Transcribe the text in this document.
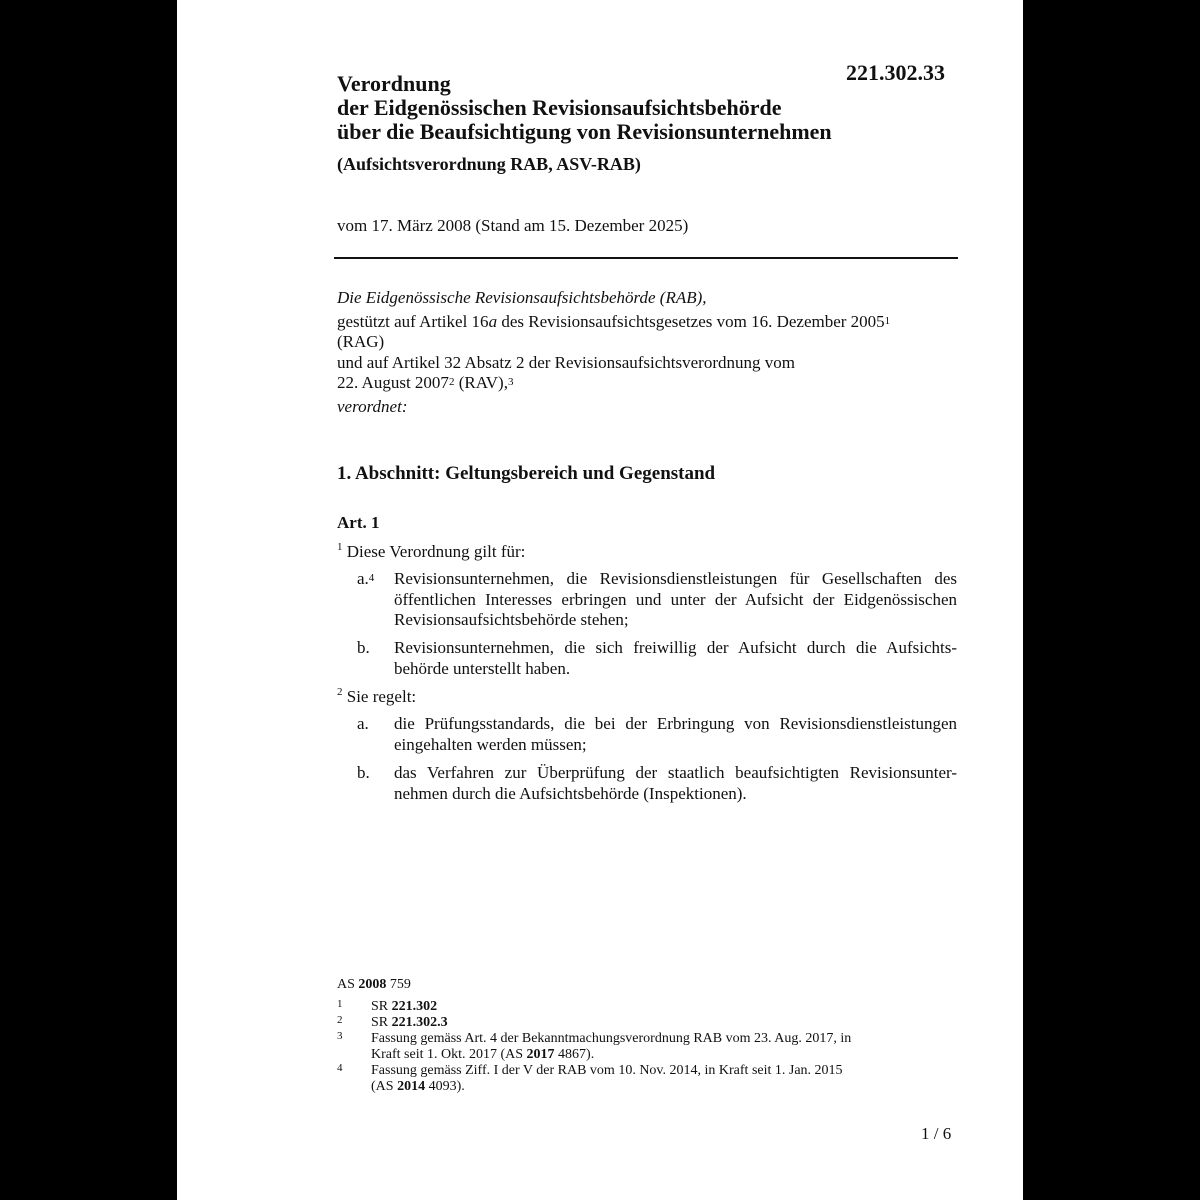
221.302.33
Verordnung
der Eidgenössischen Revisionsaufsichtsbehörde
über die Beaufsichtigung von Revisionsunternehmen
(Aufsichtsverordnung RAB, ASV-RAB)
vom 17. März 2008 (Stand am 15. Dezember 2025)
Die Eidgenössische Revisionsaufsichtsbehörde (RAB),
gestützt auf Artikel 16a des Revisionsaufsichtsgesetzes vom 16. Dezember 2005$^1$
(RAG)
und auf Artikel 32 Absatz 2 der Revisionsaufsichtsverordnung vom
22. August 2007$^2$ (RAV),$^3$
verordnet:
1. Abschnitt: Geltungsbereich und Gegenstand
Art. 1
$^1$ Diese Verordnung gilt für:
a.$^4$ Revisionsunternehmen, die Revisionsdienstleistungen für Gesellschaften des öffentlichen Interesses erbringen und unter der Aufsicht der Eidgenössischen Revisionsaufsichtsbehörde stehen;
b. Revisionsunternehmen, die sich freiwillig der Aufsicht durch die Aufsichts-behörde unterstellt haben.
$^2$ Sie regelt:
a. die Prüfungsstandards, die bei der Erbringung von Revisionsdienstleistungen eingehalten werden müssen;
b. das Verfahren zur Überprüfung der staatlich beaufsichtigten Revisionsunter-nehmen durch die Aufsichtsbehörde (Inspektionen).
AS 2008 759
1 SR 221.302
2 SR 221.302.3
3 Fassung gemäss Art. 4 der Bekanntmachungsverordnung RAB vom 23. Aug. 2017, in
Kraft seit 1. Okt. 2017 (AS 2017 4867).
4 Fassung gemäss Ziff. I der V der RAB vom 10. Nov. 2014, in Kraft seit 1. Jan. 2015
(AS 2014 4093).
1 / 6
